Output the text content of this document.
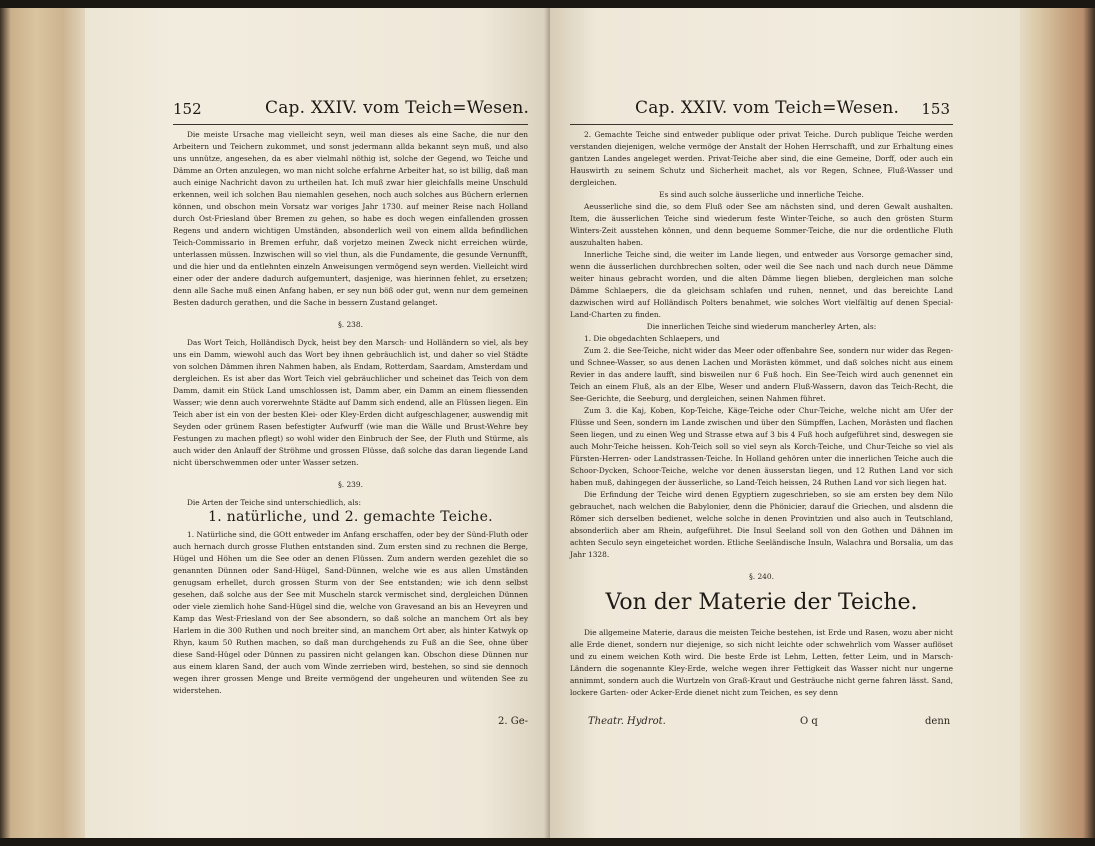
152	Cap. XXIV. vom Teich=Wesen.

Die meiste Ursache mag vielleicht seyn, weil man dieses als eine Sache, die nur den Arbeitern und Teichern zukommet, und sonst jedermann allda bekannt seyn muß, und also uns unnütze, angesehen, da es aber vielmahl nöthig ist, solche der Gegend, wo Teiche und Dämme an Orten anzulegen, wo man nicht solche erfahrne Arbeiter hat, so ist billig, daß man auch einige Nachricht davon zu urtheilen hat. Ich muß zwar hier gleichfalls meine Unschuld erkennen, weil ich solchen Bau niemahlen gesehen, noch auch solches aus Büchern erlernen können, und obschon mein Vorsatz war voriges Jahr 1730. auf meiner Reise nach Holland durch Ost-Friesland über Bremen zu gehen, so habe es doch wegen einfallenden grossen Regens und andern wichtigen Umständen, absonderlich weil von einem allda befindlichen Teich-Commissario in Bremen erfuhr, daß vorjetzo meinen Zweck nicht erreichen würde, unterlassen müssen. Inzwischen will so viel thun, als die Fundamente, die gesunde Vernunfft, und die hier und da entlehnten einzeln Anweisungen vermögend seyn werden. Vielleicht wird einer oder der andere dadurch aufgemuntert, dasjenige, was hierinnen fehlet, zu ersetzen; denn alle Sache muß einen Anfang haben, er sey nun böß oder gut, wenn nur dem gemeinen Besten dadurch gerathen, und die Sache in bessern Zustand gelanget.

§. 238.

Das Wort Teich, Holländisch Dyck, heist bey den Marsch- und Holländern so viel, als bey uns ein Damm, wiewohl auch das Wort bey ihnen gebräuchlich ist, und daher so viel Städte von solchen Dämmen ihren Nahmen haben, als Endam, Rotterdam, Saardam, Amsterdam und dergleichen. Es ist aber das Wort Teich viel gebräuchlicher und scheinet das Teich von dem Damm, damit ein Stück Land umschlossen ist, Damm aber, ein Damm an einem fliessenden Wasser; wie denn auch vorerwehnte Städte auf Damm sich endend, alle an Flüssen liegen. Ein Teich aber ist ein von der besten Klei- oder Kley-Erden dicht aufgeschlagener, auswendig mit Seyden oder grünem Rasen befestigter Aufwurff (wie man die Wälle und Brust-Wehre bey Festungen zu machen pflegt) so wohl wider den Einbruch der See, der Fluth und Stürme, als auch wider den Anlauff der Ströhme und grossen Flüsse, daß solche das daran liegende Land nicht überschwemmen oder unter Wasser setzen.

§. 239.

Die Arten der Teiche sind unterschiedlich, als:

1. natürliche, und 2. gemachte Teiche.

1. Natürliche sind, die GOtt entweder im Anfang erschaffen, oder bey der Sünd-Fluth oder auch hernach durch grosse Fluthen entstanden sind. Zum ersten sind zu rechnen die Berge, Hügel und Höhen um die See oder an denen Flüssen. Zum andern werden gezehlet die so genannten Dünnen oder Sand-Hügel, Sand-Dünnen, welche wie es aus allen Umständen genugsam erhellet, durch grossen Sturm von der See entstanden; wie ich denn selbst gesehen, daß solche aus der See mit Muscheln starck vermischet sind, dergleichen Dünnen oder viele ziemlich hohe Sand-Hügel sind die, welche von Gravesand an bis an Heveyren und Kamp das West-Friesland von der See absondern, so daß solche an manchem Ort als bey Harlem in die 300 Ruthen und noch breiter sind, an manchem Ort aber, als hinter Katwyk op Rhyn, kaum 50 Ruthen machen, so daß man durchgehends zu Fuß an die See, ohne über diese Sand-Hügel oder Dünnen zu passiren nicht gelangen kan. Obschon diese Dünnen nur aus einem klaren Sand, der auch vom Winde zerrieben wird, bestehen, so sind sie dennoch wegen ihrer grossen Menge und Breite vermögend der ungeheuren und wütenden See zu widerstehen.

2. Ge-
Cap. XXIV. vom Teich=Wesen. 153

2. Gemachte Teiche sind entweder publique oder privat Teiche. Durch publique Teiche werden verstanden diejenigen, welche vermöge der Anstalt der Hohen Herrschafft, und zur Erhaltung eines gantzen Landes angeleget werden. Privat-Teiche aber sind, die eine Gemeine, Dorff, oder auch ein Hauswirth zu seinem Schutz und Sicherheit machet, als vor Regen, Schnee, Fluß-Wasser und dergleichen.

Es sind auch solche äusserliche und innerliche Teiche.

Aeusserliche sind die, so dem Fluß oder See am nächsten sind, und deren Gewalt aushalten. Item, die äusserlichen Teiche sind wiederum feste Winter-Teiche, so auch den grösten Sturm Winters-Zeit ausstehen können, und denn bequeme Sommer-Teiche, die nur die ordentliche Fluth auszuhalten haben.

Innerliche Teiche sind, die weiter im Lande liegen, und entweder aus Vorsorge gemacher sind, wenn die äusserlichen durchbrechen solten, oder weil die See nach und nach durch neue Dämme weiter hinaus gebracht worden, und die alten Dämme liegen blieben, dergleichen man solche Dämme Schlaepers, die da gleichsam schlafen und ruhen, nennet, und das bereichte Land dazwischen wird auf Holländisch Polters benahmet, wie solches Wort vielfältig auf denen Special-Land-Charten zu finden.

Die innerlichen Teiche sind wiederum mancherley Arten, als:

1. Die obgedachten Schlaepers, und

Zum 2. die See-Teiche, nicht wider das Meer oder offenbahre See, sondern nur wider das Regen- und Schnee-Wasser, so aus denen Lachen und Morästen kömmet, und daß solches nicht aus einem Revier in das andere laufft, sind bisweilen nur 6 Fuß hoch. Ein See-Teich wird auch genennet ein Teich an einem Fluß, als an der Elbe, Weser und andern Fluß-Wassern, davon das Teich-Recht, die See-Gerichte, die Seeburg, und dergleichen, seinen Nahmen führet.

Zum 3. die Kaj, Koben, Kop-Teiche, Käge-Teiche oder Chur-Teiche, welche nicht am Ufer der Flüsse und Seen, sondern im Lande zwischen und über den Sümpffen, Lachen, Morästen und flachen Seen liegen, und zu einen Weg und Strasse etwa auf 3 bis 4 Fuß hoch aufgeführet sind, deswegen sie auch Mohr-Teiche heissen. Koh-Teich soll so viel seyn als Korch-Teiche, und Chur-Teiche so viel als Fürsten-Herren- oder Landstrassen-Teiche. In Holland gehören unter die innerlichen Teiche auch die Schoor-Dycken, Schoor-Teiche, welche vor denen äusserstan liegen, und 12 Ruthen Land vor sich haben muß, dahingegen der äusserliche, so Land-Teich heissen, 24 Ruthen Land vor sich liegen hat.

Die Erfindung der Teiche wird denen Egyptiern zugeschrieben, so sie am ersten bey dem Nilo gebrauchet, nach welchen die Babylonier, denn die Phönicier, darauf die Griechen, und alsdenn die Römer sich derselben bedienet, welche solche in denen Provintzien und also auch in Teutschland, absonderlich aber am Rhein, aufgeführet. Die Insul Seeland soll von den Gothen und Dähnen im achten Seculo seyn eingeteichet worden. Etliche Seeländische Insuln, Walachra und Borsalia, um das Jahr 1328.

§. 240.

Von der Materie der Teiche.

Die allgemeine Materie, daraus die meisten Teiche bestehen, ist Erde und Rasen, wozu aber nicht alle Erde dienet, sondern nur diejenige, so sich nicht leichte oder schwehrlich vom Wasser auflöset und zu einem weichen Koth wird. Die beste Erde ist Lehm, Letten, fetter Leim, und in Marsch-Ländern die sogenannte Kley-Erde, welche wegen ihrer Fettigkeit das Wasser nicht nur ungerne annimmt, sondern auch die Wurtzeln von Graß-Kraut und Gesträuche nicht gerne fahren lässt. Sand, lockere Garten- oder Acker-Erde dienet nicht zum Teichen, es sey denn

Theatr. Hydrot.	O q	denn
